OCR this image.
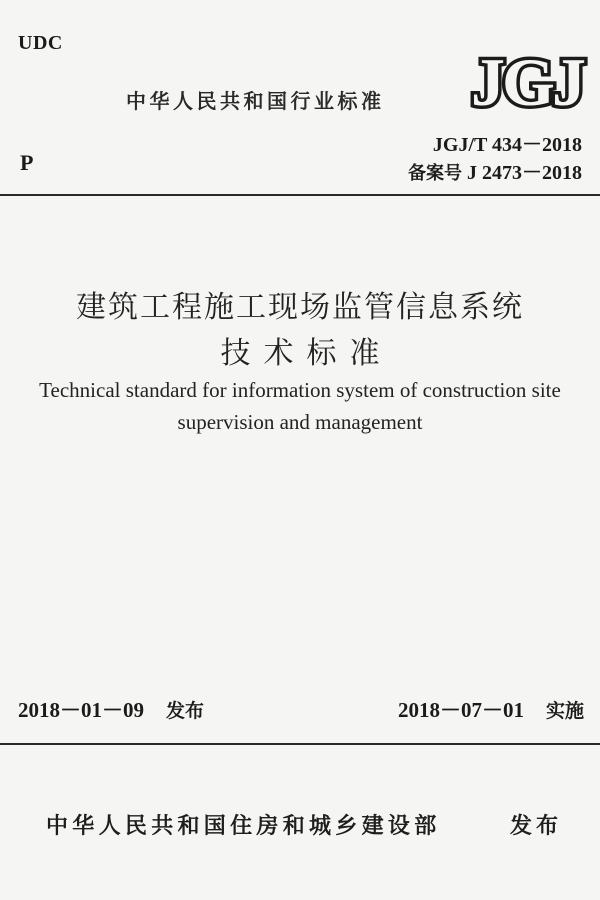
UDC
中华人民共和国行业标准 JGJ
JGJ/T 434－2018
备案号 J 2473－2018
P
建筑工程施工现场监管信息系统
技术标准
Technical standard for information system of construction site
supervision and management
2018－01－09 发布	2018－07－01 实施
中华人民共和国住房和城乡建设部	发布
